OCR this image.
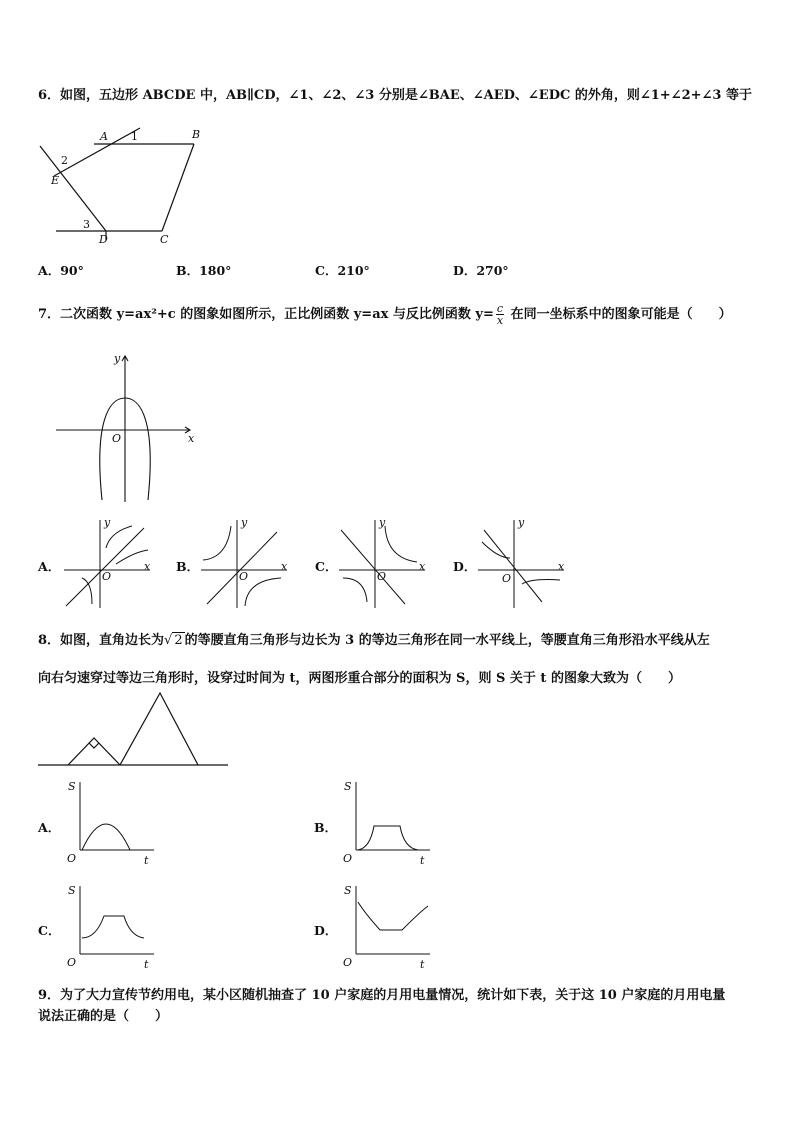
6．如图，五边形 ABCDE 中，AB∥CD，∠1、∠2、∠3 分别是∠BAE、∠AED、∠EDC 的外角，则∠1+∠2+∠3 等于
A 1	B
2
E
3
D	C
A．90°	B．180°	C．210°	D．270°
7．二次函数 y=ax²+c 的图象如图所示，正比例函数 y=ax 与反比例函数 $y= \frac{c}{x}$ 在同一坐标系中的图象可能是（　　）
y
x
O
A．
y
x
O
B．
y
x
O
C．
y
x
O
D．
y
x
O
8．如图，直角边长为√ 2 的等腰直角三角形与边长为 3 的等边三角形在同一水平线上，等腰直角三角形沿水平线从左
向右匀速穿过等边三角形时，设穿过时间为 t，两图形重合部分的面积为 S，则 S 关于 t 的图象大致为（　　）
A．
S
t
O
B．
S
t
O
C．
S
t
O
D．
S
t
O
9．为了大力宣传节约用电，某小区随机抽查了 10 户家庭的月用电量情况，统计如下表，关于这 10 户家庭的月用电量
说法正确的是（　　）
